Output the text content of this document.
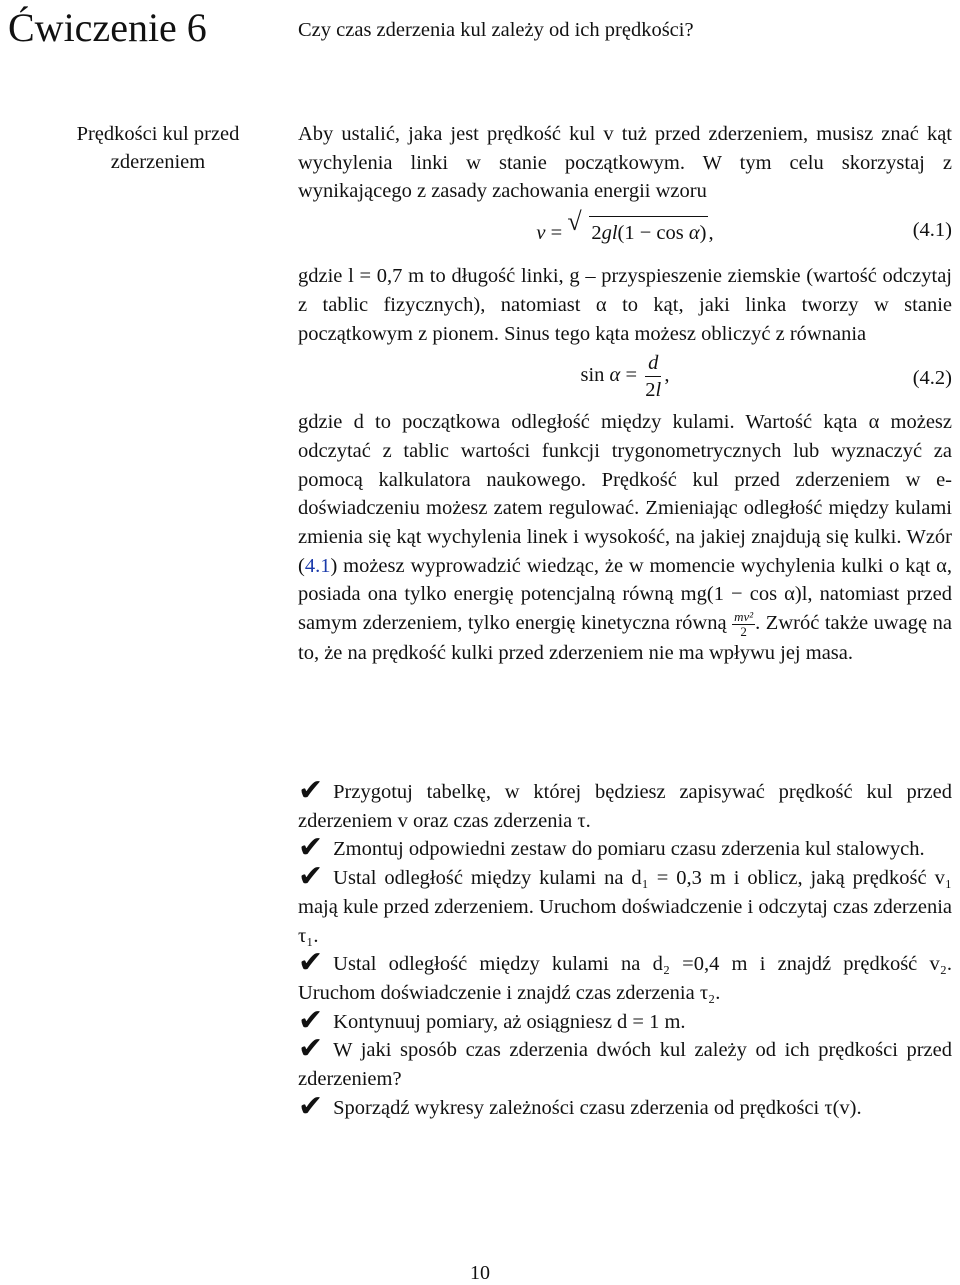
Ćwiczenie 6	Czy czas zderzenia kul zależy od ich prędkości?
Prędkości kul przed zderzeniem

Aby ustalić, jaka jest prędkość kul v tuż przed zderzeniem, musisz znać kąt wychylenia linki w stanie początkowym. W tym celu skorzystaj z wynikającego z zasady zachowania energii wzoru

v = √ 2gl(1 − cos α),	(4.1)

gdzie l = 0,7 m to długość linki, g – przyspieszenie ziemskie (wartość odczytaj z tablic fizycznych), natomiast α to kąt, jaki linka tworzy w stanie początkowym z pionem. Sinus tego kąta możesz obliczyć z równania

$\sin \alpha = \frac{d}{2l}$ ,	(4.2)

gdzie d to początkowa odległość między kulami. Wartość kąta α możesz odczytać z tablic wartości funkcji trygonometrycznych lub wyznaczyć za pomocą kalkulatora naukowego. Prędkość kul przed zderzeniem w e-doświadczeniu możesz zatem regulować. Zmieniając odległość między kulami zmienia się kąt wychylenia linek i wysokość, na jakiej znajdują się kulki. Wzór (4.1) możesz wyprowadzić wiedząc, że w momencie wychylenia kulki o kąt α, posiada ona tylko energię potencjalną równą mg(1 − cos α)l, natomiast przed samym zderzeniem, tylko energię kinetyczna równą $\frac{\text{mv²}}{2}$ . Zwróć także uwagę na to, że na prędkość kulki przed zderzeniem nie ma wpływu jej masa.

✔ Przygotuj tabelkę, w której będziesz zapisywać prędkość kul przed zderzeniem v oraz czas zderzenia τ.
✔ Zmontuj odpowiedni zestaw do pomiaru czasu zderzenia kul stalowych.
✔ Ustal odległość między kulami na d₁ = 0,3 m i oblicz, jaką prędkość v₁ mają kule przed zderzeniem. Uruchom doświadczenie i odczytaj czas zderzenia τ₁.
✔ Ustal odległość między kulami na d₂ =0,4 m i znajdź prędkość v₂. Uruchom doświadczenie i znajdź czas zderzenia τ₂.
✔ Kontynuuj pomiary, aż osiągniesz d = 1 m.
✔ W jaki sposób czas zderzenia dwóch kul zależy od ich prędkości przed zderzeniem?
✔ Sporządź wykresy zależności czasu zderzenia od prędkości τ(v).
10
